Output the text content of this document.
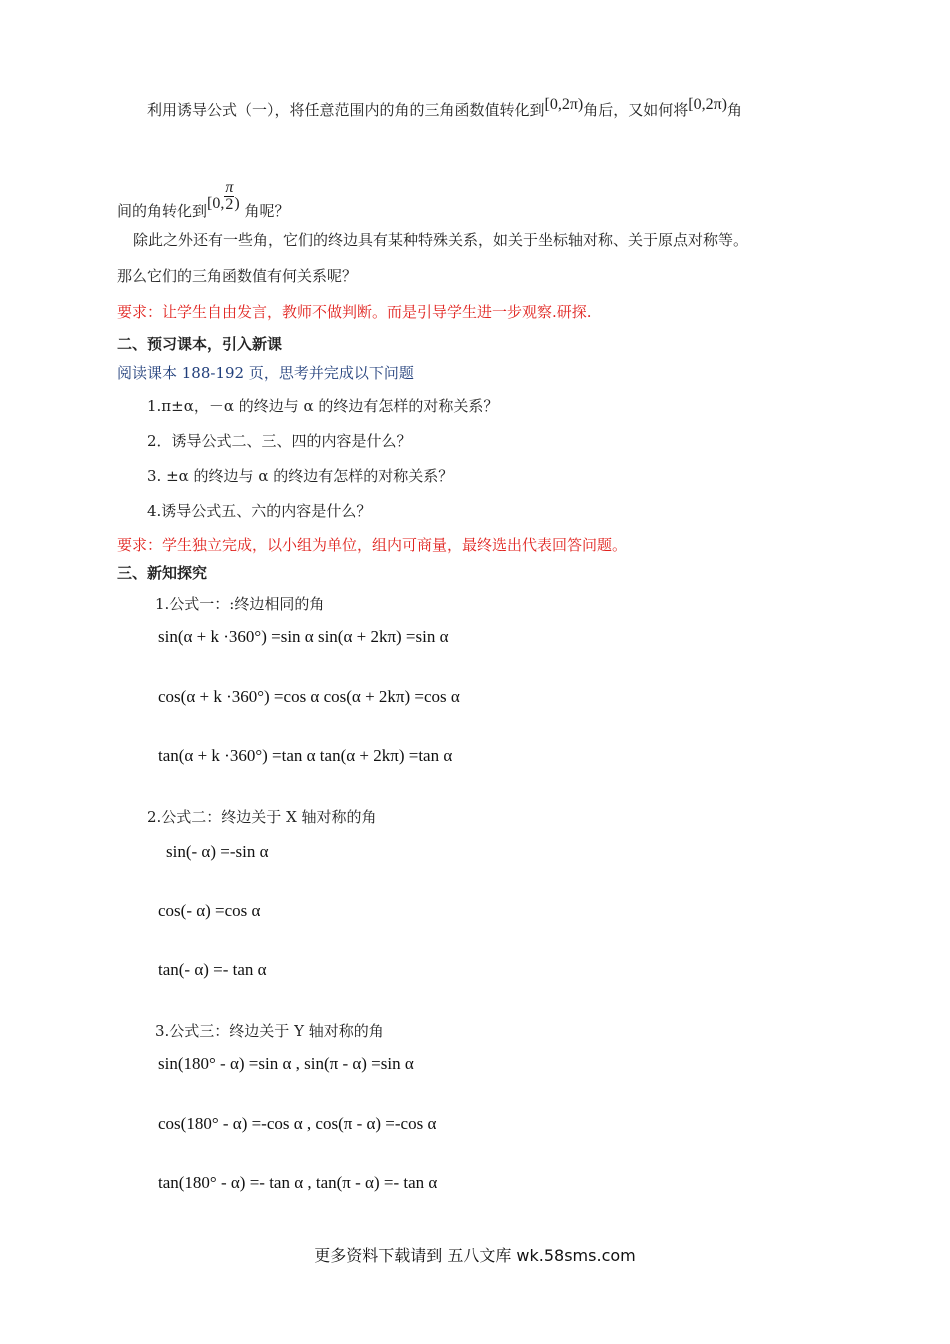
利用诱导公式（一），将任意范围内的角的三角函数值转化到[0,2π)角后，又如何将[0,2π)角
间的角转化到[0, $\frac{\pi}{2}$ ) 角呢？
除此之外还有一些角，它们的终边具有某种特殊关系，如关于坐标轴对称、关于原点对称等。
那么它们的三角函数值有何关系呢？
要求：让学生自由发言，教师不做判断。而是引导学生进一步观察.研探.
二、预习课本，引入新课
阅读课本 188-192 页，思考并完成以下问题
1.π±α，－α 的终边与 α 的终边有怎样的对称关系？
2．诱导公式二、三、四的内容是什么？
3. ±α 的终边与 α 的终边有怎样的对称关系？
4.诱导公式五、六的内容是什么？
要求：学生独立完成，以小组为单位，组内可商量，最终选出代表回答问题。
三、新知探究
1.公式一：:终边相同的角
sin(α + k ·360°) =sin α sin(α + 2kπ) =sin α
cos(α + k ·360°) =cos α cos(α + 2kπ) =cos α
tan(α + k ·360°) =tan α tan(α + 2kπ) =tan α
2.公式二：终边关于 X 轴对称的角
sin(- α) =-sin α
cos(- α) =cos α
tan(- α) =- tan α
3.公式三：终边关于 Y 轴对称的角
sin(180° - α) =sin α , sin(π - α) =sin α
cos(180° - α) =-cos α , cos(π - α) =-cos α
tan(180° - α) =- tan α , tan(π - α) =- tan α
更多资料下载请到 五八文库 wk.58sms.com
